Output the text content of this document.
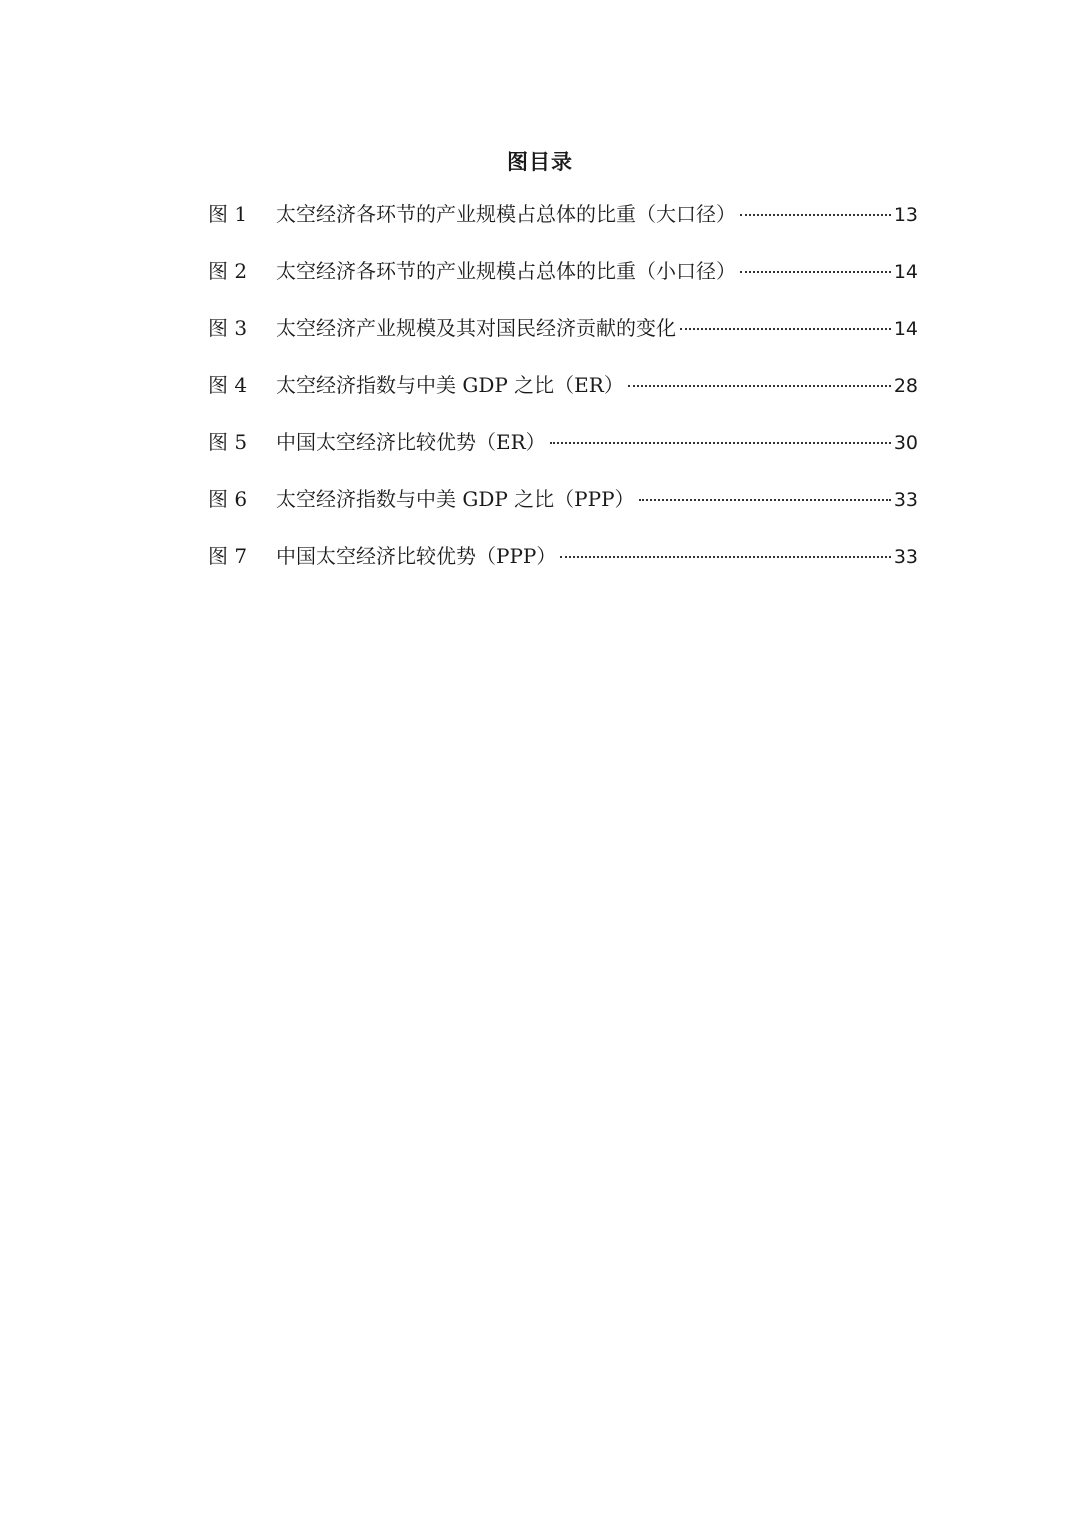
图目录
图 1	太空经济各环节的产业规模占总体的比重（大口径）	13
图 2	太空经济各环节的产业规模占总体的比重（小口径）	14
图 3	太空经济产业规模及其对国民经济贡献的变化	14
图 4	太空经济指数与中美 GDP 之比（ER）	28
图 5	中国太空经济比较优势（ER）	30
图 6	太空经济指数与中美 GDP 之比（PPP）	33
图 7	中国太空经济比较优势（PPP）	33
